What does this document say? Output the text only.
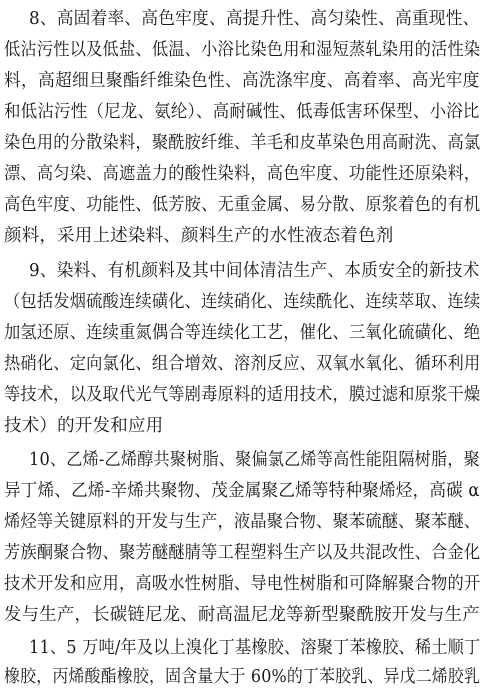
8、高固着率、高色牢度、高提升性、高匀染性、高重现性、
低沾污性以及低盐、低温、小浴比染色用和湿短蒸轧染用的活性染
料，高超细旦聚酯纤维染色性、高洗涤牢度、高着率、高光牢度
和低沾污性（尼龙、氨纶）、高耐碱性、低毒低害环保型、小浴比
染色用的分散染料，聚酰胺纤维、羊毛和皮革染色用高耐洗、高氯
漂、高匀染、高遮盖力的酸性染料，高色牢度、功能性还原染料，
高色牢度、功能性、低芳胺、无重金属、易分散、原浆着色的有机
颜料，采用上述染料、颜料生产的水性液态着色剂
9、染料、有机颜料及其中间体清洁生产、本质安全的新技术
（包括发烟硫酸连续磺化、连续硝化、连续酰化、连续萃取、连续
加氢还原、连续重氮偶合等连续化工艺，催化、三氧化硫磺化、绝
热硝化、定向氯化、组合增效、溶剂反应、双氧水氧化、循环利用
等技术，以及取代光气等剧毒原料的适用技术，膜过滤和原浆干燥
技术）的开发和应用
10、乙烯-乙烯醇共聚树脂、聚偏氯乙烯等高性能阻隔树脂，聚
异丁烯、乙烯-辛烯共聚物、茂金属聚乙烯等特种聚烯烃，高碳 α
烯烃等关键原料的开发与生产，液晶聚合物、聚苯硫醚、聚苯醚、
芳族酮聚合物、聚芳醚醚腈等工程塑料生产以及共混改性、合金化
技术开发和应用，高吸水性树脂、导电性树脂和可降解聚合物的开
发与生产，长碳链尼龙、耐高温尼龙等新型聚酰胺开发与生产
11、5 万吨/年及以上溴化丁基橡胶、溶聚丁苯橡胶、稀土顺丁
橡胶，丙烯酸酯橡胶，固含量大于 60%的丁苯胶乳、异戊二烯胶乳
